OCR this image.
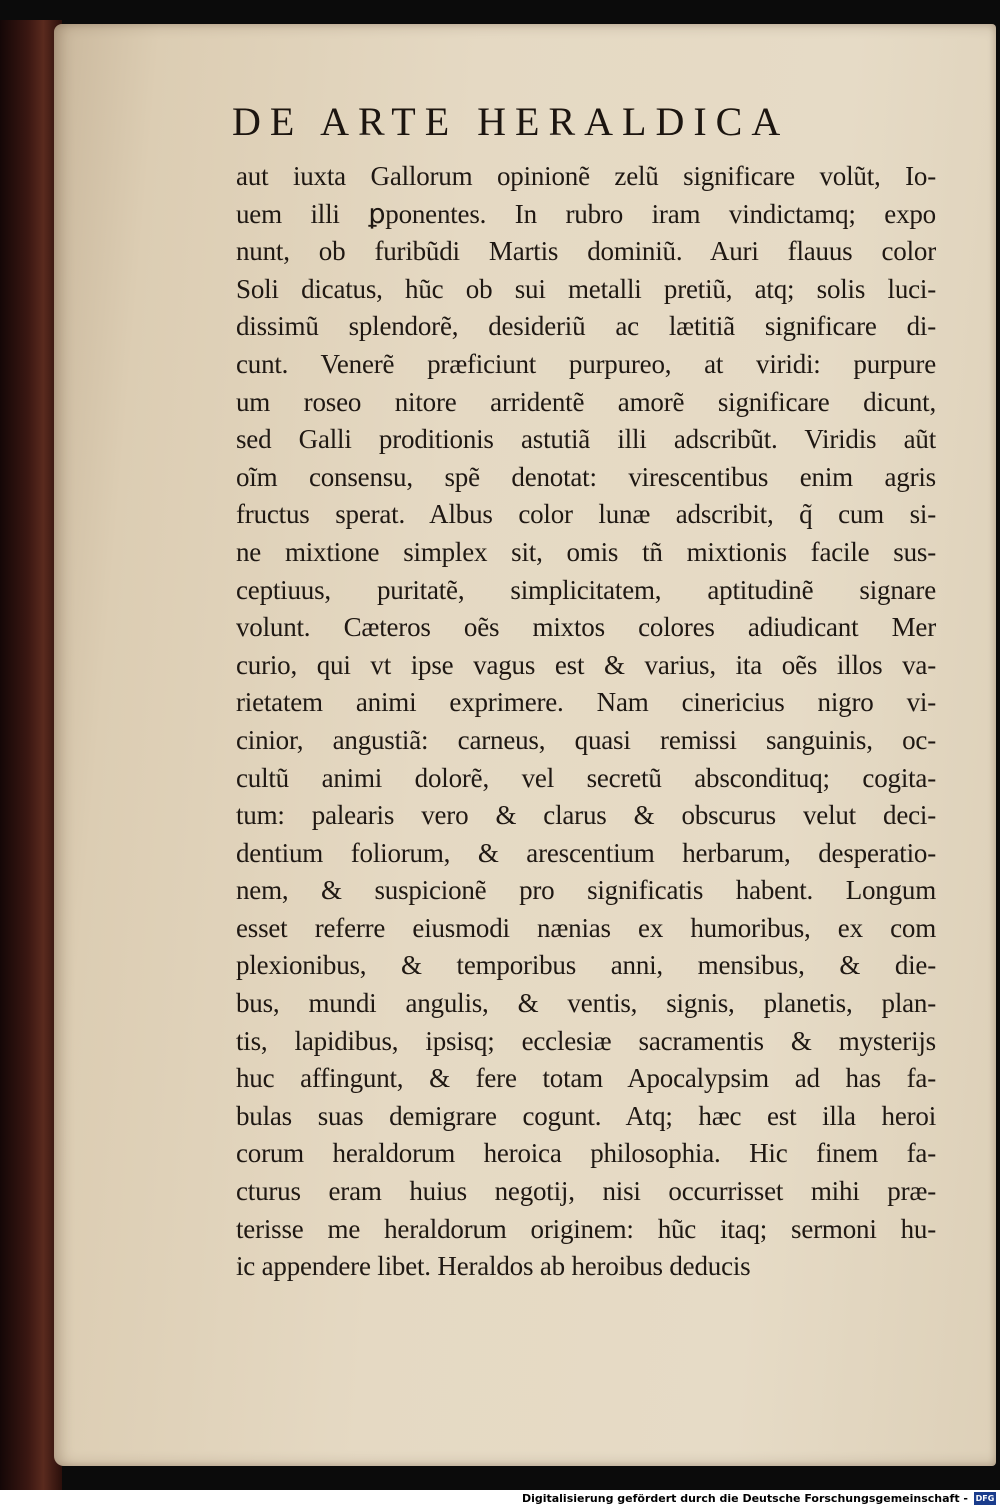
DE ARTE HERALDICA
aut iuxta Gallorum opinionẽ zelũ significare volũt, Io-
uem illi ꝑponentes. In rubro iram vindictamq; expo
nunt, ob furibũdi Martis dominiũ. Auri flauus color
Soli dicatus, hũc ob sui metalli pretiũ, atq; solis luci-
dissimũ splendorẽ, desideriũ ac lætitiã significare di-
cunt. Venerẽ præficiunt purpureo, at viridi: purpure
um roseo nitore arridentẽ amorẽ significare dicunt,
sed Galli proditionis astutiã illi adscribũt. Viridis aũt
oĩm consensu, spẽ denotat: virescentibus enim agris
fructus sperat. Albus color lunæ adscribit, q̃ cum si-
ne mixtione simplex sit, omis tñ mixtionis facile sus-
ceptiuus, puritatẽ, simplicitatem, aptitudinẽ signare
volunt. Cæteros oẽs mixtos colores adiudicant Mer
curio, qui vt ipse vagus est & varius, ita oẽs illos va-
rietatem animi exprimere. Nam cinericius nigro vi-
cinior, angustiã: carneus, quasi remissi sanguinis, oc-
cultũ animi dolorẽ, vel secretũ abscondituq; cogita-
tum: palearis vero & clarus & obscurus velut deci-
dentium foliorum, & arescentium herbarum, desperatio-
nem, & suspicionẽ pro significatis habent. Longum
esset referre eiusmodi nænias ex humoribus, ex com
plexionibus, & temporibus anni, mensibus, & die-
bus, mundi angulis, & ventis, signis, planetis, plan-
tis, lapidibus, ipsisq; ecclesiæ sacramentis & mysterijs
huc affingunt, & fere totam Apocalypsim ad has fa-
bulas suas demigrare cogunt. Atq; hæc est illa heroi
corum heraldorum heroica philosophia. Hic finem fa-
cturus eram huius negotij, nisi occurrisset mihi præ-
terisse me heraldorum originem: hũc itaq; sermoni hu-
ic appendere libet. Heraldos ab heroibus deducis
Digitalisierung gefördert durch die Deutsche Forschungsgemeinschaft - DFG
